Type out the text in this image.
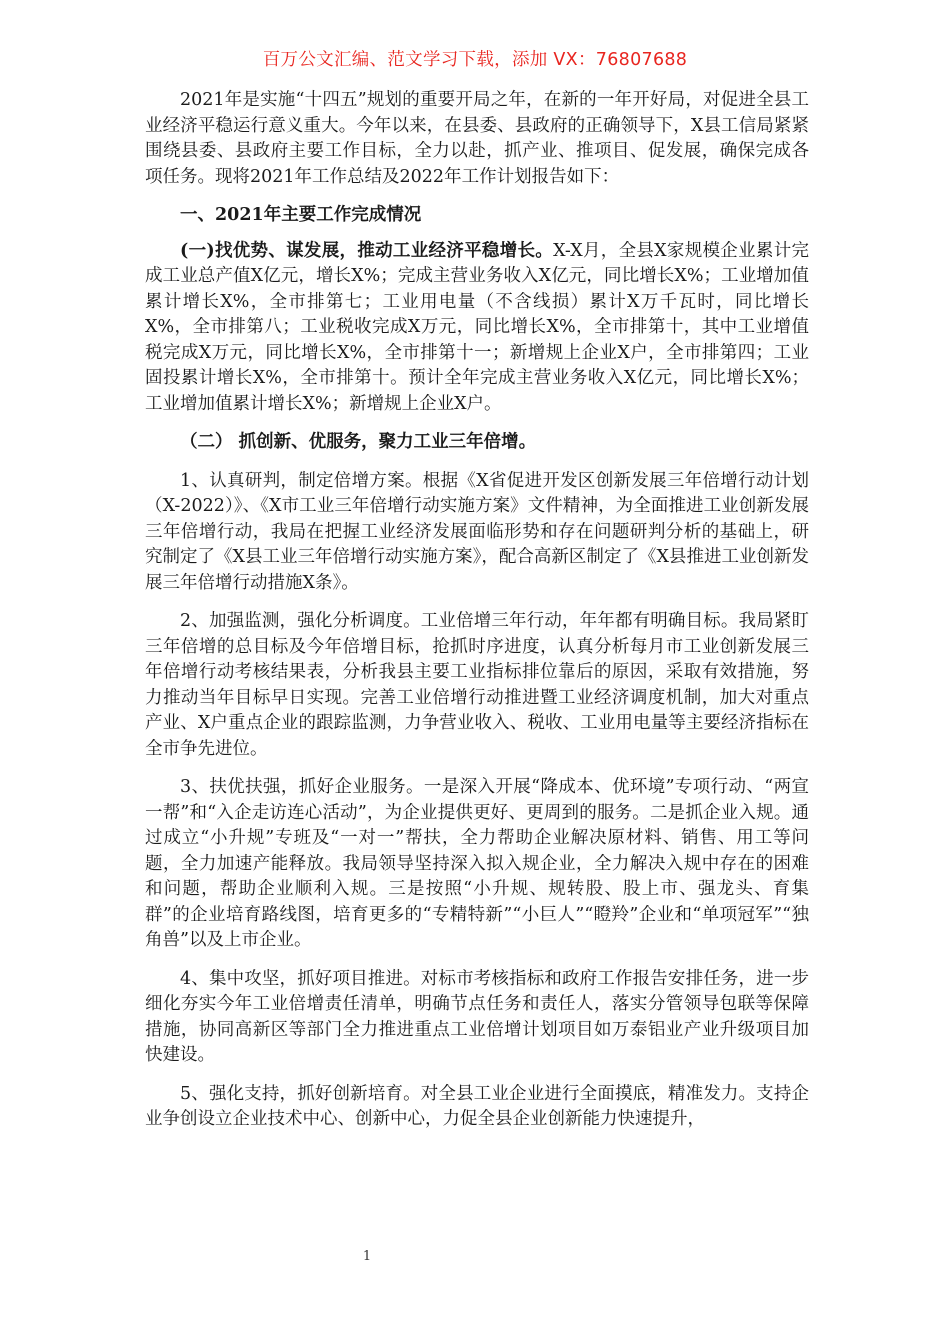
百万公文汇编、范文学习下载，添加 VX：76807688

2021年是实施“十四五”规划的重要开局之年，在新的一年开好局，对促进全县工业经济平稳运行意义重大。今年以来，在县委、县政府的正确领导下，X县工信局紧紧围绕县委、县政府主要工作目标，全力以赴，抓产业、推项目、促发展，确保完成各项任务。现将2021年工作总结及2022年工作计划报告如下：

一、2021年主要工作完成情况

(一)找优势、谋发展，推动工业经济平稳增长。X-X月，全县X家规模企业累计完成工业总产值X亿元，增长X%；完成主营业务收入X亿元，同比增长X%；工业增加值累计增长X%，全市排第七；工业用电量（不含线损）累计X万千瓦时，同比增长X%，全市排第八；工业税收完成X万元，同比增长X%，全市排第十，其中工业增值税完成X万元，同比增长X%，全市排第十一；新增规上企业X户，全市排第四；工业固投累计增长X%，全市排第十。预计全年完成主营业务收入X亿元，同比增长X%；工业增加值累计增长X%；新增规上企业X户。

（二） 抓创新、优服务，聚力工业三年倍增。

1、认真研判，制定倍增方案。根据《X省促进开发区创新发展三年倍增行动计划（X-2022）》、《X市工业三年倍增行动实施方案》文件精神，为全面推进工业创新发展三年倍增行动，我局在把握工业经济发展面临形势和存在问题研判分析的基础上，研究制定了《X县工业三年倍增行动实施方案》，配合高新区制定了《X县推进工业创新发展三年倍增行动措施X条》。

2、加强监测，强化分析调度。工业倍增三年行动，年年都有明确目标。我局紧盯三年倍增的总目标及今年倍增目标，抢抓时序进度，认真分析每月市工业创新发展三年倍增行动考核结果表，分析我县主要工业指标排位靠后的原因，采取有效措施，努力推动当年目标早日实现。完善工业倍增行动推进暨工业经济调度机制，加大对重点产业、X户重点企业的跟踪监测，力争营业收入、税收、工业用电量等主要经济指标在全市争先进位。

3、扶优扶强，抓好企业服务。一是深入开展“降成本、优环境”专项行动、“两宣一帮”和“入企走访连心活动”，为企业提供更好、更周到的服务。二是抓企业入规。通过成立“小升规”专班及“一对一”帮扶，全力帮助企业解决原材料、销售、用工等问题，全力加速产能释放。我局领导坚持深入拟入规企业，全力解决入规中存在的困难和问题，帮助企业顺利入规。三是按照“小升规、规转股、股上市、强龙头、育集群”的企业培育路线图，培育更多的“专精特新”“小巨人”“瞪羚”企业和“单项冠军”“独角兽”以及上市企业。

4、集中攻坚，抓好项目推进。对标市考核指标和政府工作报告安排任务，进一步细化夯实今年工业倍增责任清单，明确节点任务和责任人，落实分管领导包联等保障措施，协同高新区等部门全力推进重点工业倍增计划项目如万泰铝业产业升级项目加快建设。

5、强化支持，抓好创新培育。对全县工业企业进行全面摸底，精准发力。支持企业争创设立企业技术中心、创新中心，力促全县企业创新能力快速提升，

1
